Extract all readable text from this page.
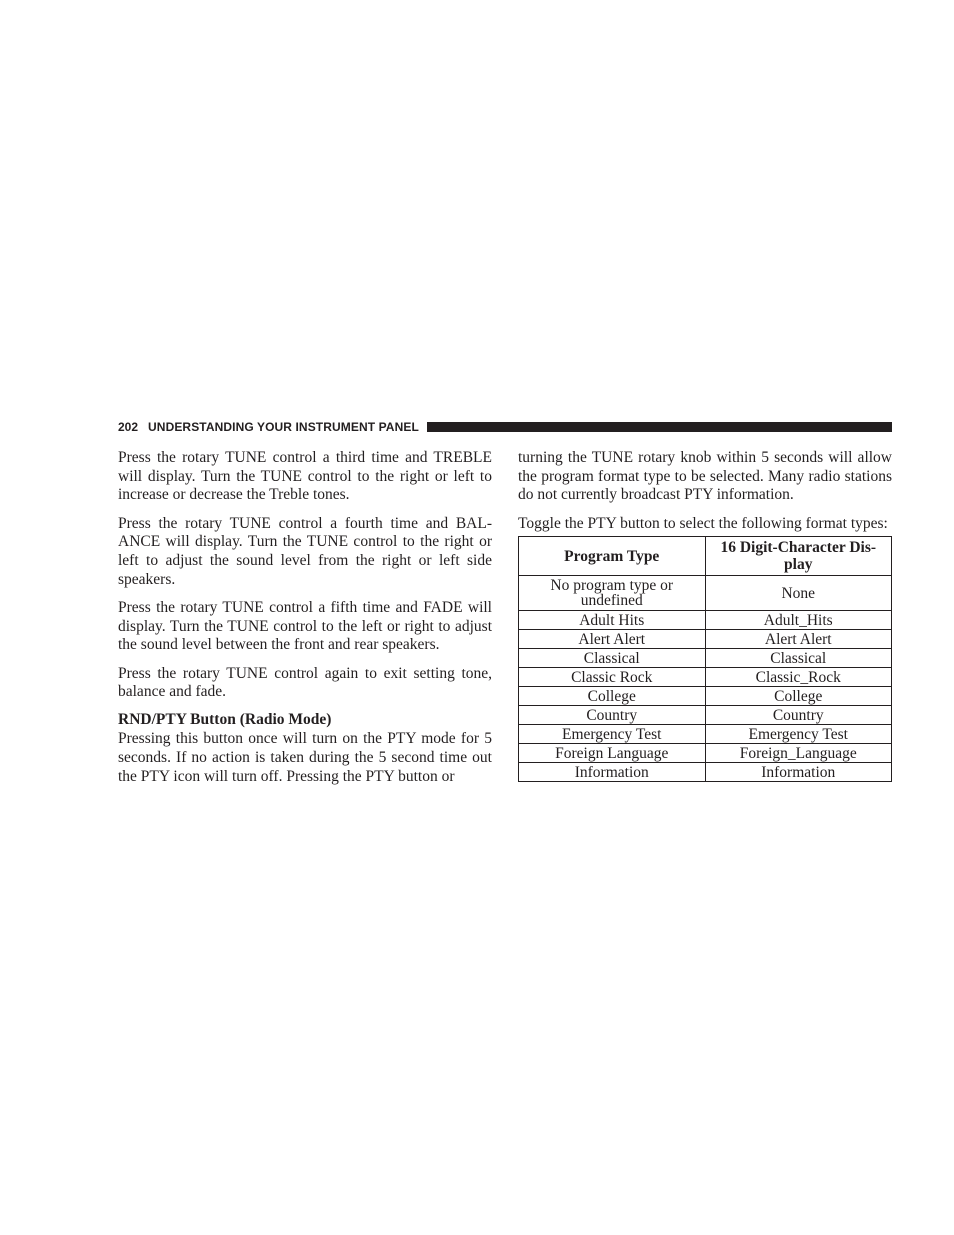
202 UNDERSTANDING YOUR INSTRUMENT PANEL

Press the rotary TUNE control a third time and TREBLE will display. Turn the TUNE control to the right or left to increase or decrease the Treble tones.

Press the rotary TUNE control a fourth time and BALANCE will display. Turn the TUNE control to the right or left to adjust the sound level from the right or left side speakers.

Press the rotary TUNE control a fifth time and FADE will display. Turn the TUNE control to the left or right to adjust the sound level between the front and rear speakers.

Press the rotary TUNE control again to exit setting tone, balance and fade.

RND/PTY Button (Radio Mode)

Pressing this button once will turn on the PTY mode for 5 seconds. If no action is taken during the 5 second time out the PTY icon will turn off. Pressing the PTY button or

turning the TUNE rotary knob within 5 seconds will allow the program format type to be selected. Many radio stations do not currently broadcast PTY information.

Toggle the PTY button to select the following format types:

Program Type	16 Digit-Character Display
No program type or undefined	None
Adult Hits	Adult_Hits
Alert Alert	Alert Alert
Classical	Classical
Classic Rock	Classic_Rock
College	College
Country	Country
Emergency Test	Emergency Test
Foreign Language	Foreign_Language
Information	Information
